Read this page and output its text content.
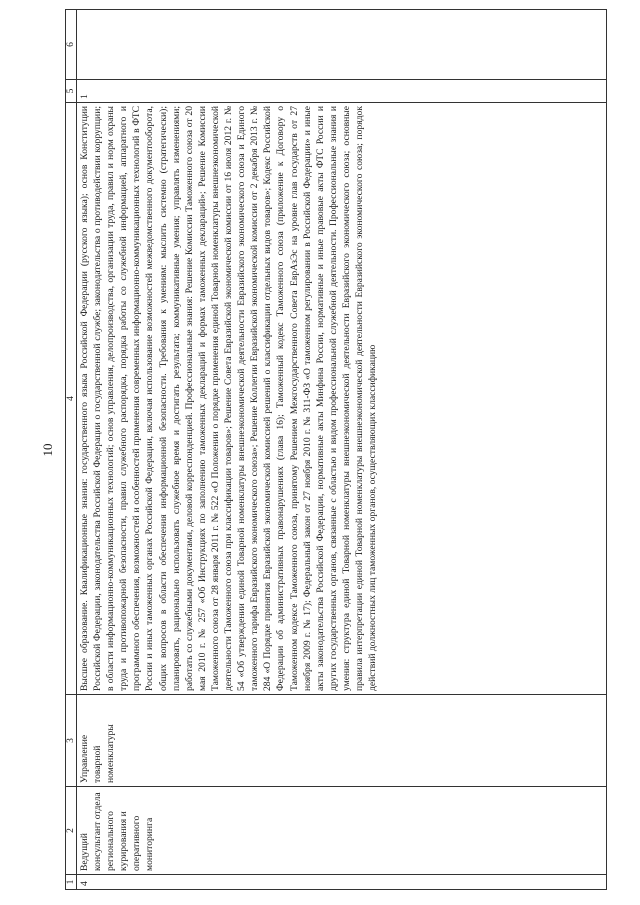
10
1	2	3	4	5	6
4	Ведущий консультант отдела регионального курирования и оперативного мониторинга	Управление товарной номенклатуры	Высшее образование. Квалификационные знания: государственного языка Российской Федерации (русского языка); основ Конституции Российской Федерации, законодательства Российской Федерации о государственной службе; законодательства о противодействии коррупции; в области информационно-коммуникационных технологий; основ управления, делопроизводства, организации труда, правил и норм охраны труда и противопожарной безопасности, правил служебного распорядка, порядка работы со служебной информацией, аппаратного и программного обеспечения, возможностей и особенностей применения современных информационно-коммуникационных технологий в ФТС России и иных таможенных органах Российской Федерации, включая использование возможностей межведомственного документооборота, общих вопросов в области обеспечения информационной безопасности. Требования к умениям: мыслить системно (стратегически); планировать, рационально использовать служебное время и достигать результата; коммуникативные умения; управлять изменениями; работать со служебными документами, деловой корреспонденцией. Профессиональные знания: Решение Комиссии Таможенного союза от 20 мая 2010 г. № 257 «Об Инструкциях по заполнению таможенных деклараций и формах таможенных деклараций»; Решение Комиссии Таможенного союза от 28 января 2011 г. № 522 «О Положении о порядке применения единой Товарной номенклатуры внешнеэкономической деятельности Таможенного союза при классификации товаров»; Решение Совета Евразийской экономической комиссии от 16 июля 2012 г. № 54 «Об утверждении единой Товарной номенклатуры внешнеэкономической деятельности Евразийского экономического союза и Единого таможенного тарифа Евразийского экономического союза»; Решение Коллегии Евразийской экономической комиссии от 2 декабря 2013 г. № 284 «О Порядке принятия Евразийской экономической комиссией решений о классификации отдельных видов товаров»; Кодекс Российской Федерации об административных правонарушениях (глава 16); Таможенный кодекс Таможенного союза (приложение к Договору о Таможенном кодексе Таможенного союза, принятому Решением Межгосударственного Совета ЕврАзЭс на уровне глав государств от 27 ноября 2009 г. № 17); Федеральный закон от 27 ноября 2010 г. № 311-ФЗ «О таможенном регулировании в Российской Федерации» и иные акты законодательства Российской Федерации, нормативные акты Минфина России, нормативные и иные правовые акты ФТС России и других государственных органов, связанные с областью и видом профессиональной служебной деятельности. Профессиональные знания и умения: структура единой Товарной номенклатуры внешнеэкономической деятельности Евразийского экономического союза; основные правила интерпретации единой Товарной номенклатуры внешнеэкономической деятельности Евразийского экономического союза; порядок действий должностных лиц таможенных органов, осуществляющих классификацию	1	
